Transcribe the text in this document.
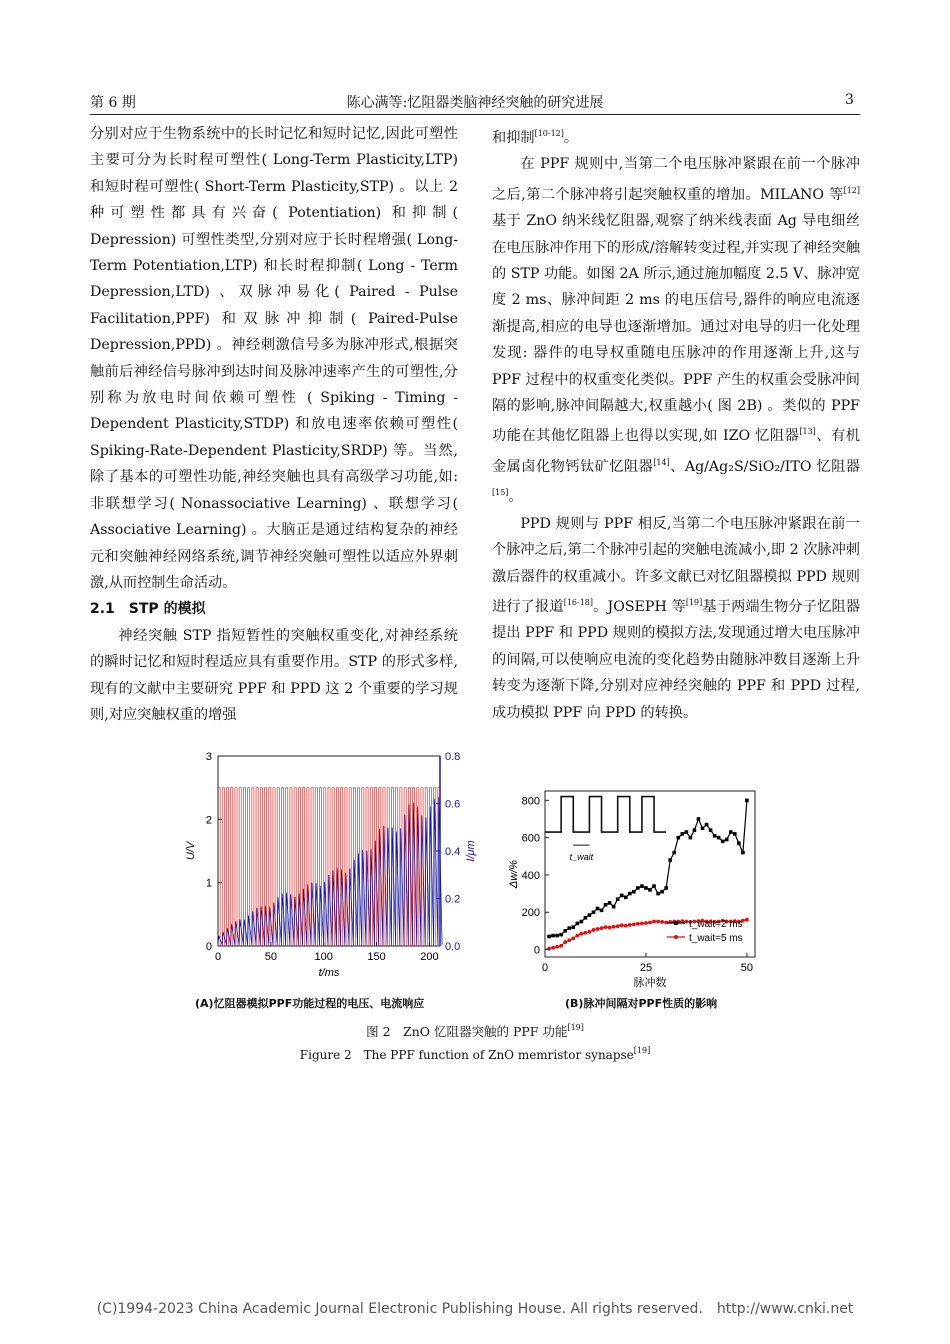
第 6 期	陈心满等:忆阻器类脑神经突触的研究进展	3

分别对应于生物系统中的长时记忆和短时记忆,因此可塑性主要可分为长时程可塑性( Long-Term Plasticity,LTP) 和短时程可塑性( Short-Term Plasticity,STP) 。以上 2 种可塑性都具有兴奋( Potentiation) 和抑制( Depression) 可塑性类型,分别对应于长时程增强( Long-Term Potentiation,LTP) 和长时程抑制( Long - Term Depression,LTD) 、双脉冲易化( Paired - Pulse Facilitation,PPF) 和双脉冲抑制( Paired-Pulse Depression,PPD) 。神经刺激信号多为脉冲形式,根据突触前后神经信号脉冲到达时间及脉冲速率产生的可塑性,分别称为放电时间依赖可塑性 ( Spiking - Timing - Dependent Plasticity,STDP) 和放电速率依赖可塑性( Spiking-Rate-Dependent Plasticity,SRDP) 等。当然,除了基本的可塑性功能,神经突触也具有高级学习功能,如: 非联想学习( Nonassociative Learning) 、联想学习( Associative Learning) 。大脑正是通过结构复杂的神经元和突触神经网络系统,调节神经突触可塑性以适应外界刺激,从而控制生命活动。

2.1　STP 的模拟

神经突触 STP 指短暂性的突触权重变化,对神经系统的瞬时记忆和短时程适应具有重要作用。STP 的形式多样,现有的文献中主要研究 PPF 和 PPD 这 2 个重要的学习规则,对应突触权重的增强

和抑制[10-12]。

在 PPF 规则中,当第二个电压脉冲紧跟在前一个脉冲之后,第二个脉冲将引起突触权重的增加。MILANO 等[12]基于 ZnO 纳米线忆阻器,观察了纳米线表面 Ag 导电细丝在电压脉冲作用下的形成/溶解转变过程,并实现了神经突触的 STP 功能。如图 2A 所示,通过施加幅度 2.5 V、脉冲宽度 2 ms、脉冲间距 2 ms 的电压信号,器件的响应电流逐渐提高,相应的电导也逐渐增加。通过对电导的归一化处理发现: 器件的电导权重随电压脉冲的作用逐渐上升,这与 PPF 过程中的权重变化类似。PPF 产生的权重会受脉冲间隔的影响,脉冲间隔越大,权重越小( 图 2B) 。类似的 PPF 功能在其他忆阻器上也得以实现,如 IZO 忆阻器[13]、有机金属卤化物钙钛矿忆阻器[14]、Ag/Ag₂S/SiO₂/ITO 忆阻器[15]。

PPD 规则与 PPF 相反,当第二个电压脉冲紧跟在前一个脉冲之后,第二个脉冲引起的突触电流减小,即 2 次脉冲刺激后器件的权重减小。许多文献已对忆阻器模拟 PPD 规则进行了报道[16-18]。JOSEPH 等[19]基于两端生物分子忆阻器提出 PPF 和 PPD 规则的模拟方法,发现通过增大电压脉冲的间隔,可以使响应电流的变化趋势由随脉冲数目逐渐上升转变为逐渐下降,分别对应神经突触的 PPF 和 PPD 过程,成功模拟 PPF 向 PPD 的转换。

0	50	100	150	200
0
1
2
3
0.0
0.2
0.4
0.6
0.8
t/ms
U/V	I/μm	t_wait
0	25	50
0
200
400
600
800
脉冲数
Δw/%
t_wait=2 ms
t_wait=5 ms
(A)忆阻器模拟PPF功能过程的电压、电流响应	(B)脉冲间隔对PPF性质的影响
图 2　ZnO 忆阻器突触的 PPF 功能[19]
Figure 2　The PPF function of ZnO memristor synapse[19]
(C)1994-2023 China Academic Journal Electronic Publishing House. All rights reserved.　http://www.cnki.net
